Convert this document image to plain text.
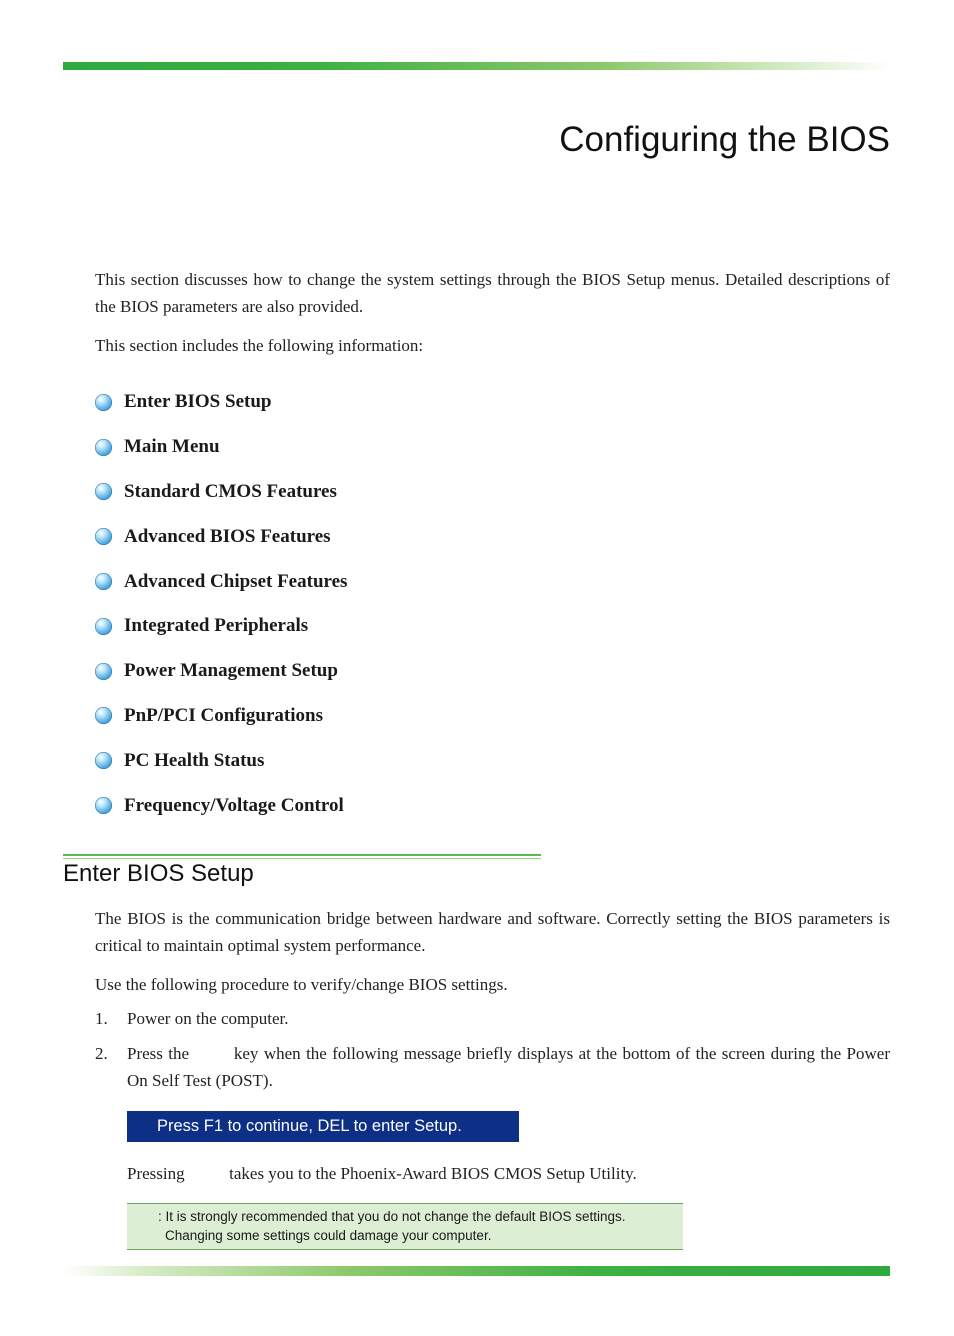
Configuring the BIOS

This section discusses how to change the system settings through the BIOS Setup menus. Detailed descriptions of the BIOS parameters are also provided.

This section includes the following information:

Enter BIOS Setup
Main Menu
Standard CMOS Features
Advanced BIOS Features
Advanced Chipset Features
Integrated Peripherals
Power Management Setup
PnP/PCI Configurations
PC Health Status
Frequency/Voltage Control
Enter BIOS Setup

The BIOS is the communication bridge between hardware and software. Correctly setting the BIOS parameters is critical to maintain optimal system performance.

Use the following procedure to verify/change BIOS settings.

1. Power on the computer.
2. Press the	key when the following message briefly displays at the bottom of the screen during the Power On Self Test (POST).
Press F1 to continue, DEL to enter Setup.
Pressing	takes you to the Phoenix-Award BIOS CMOS Setup Utility.
: It is strongly recommended that you do not change the default BIOS settings.
Changing some settings could damage your computer.
